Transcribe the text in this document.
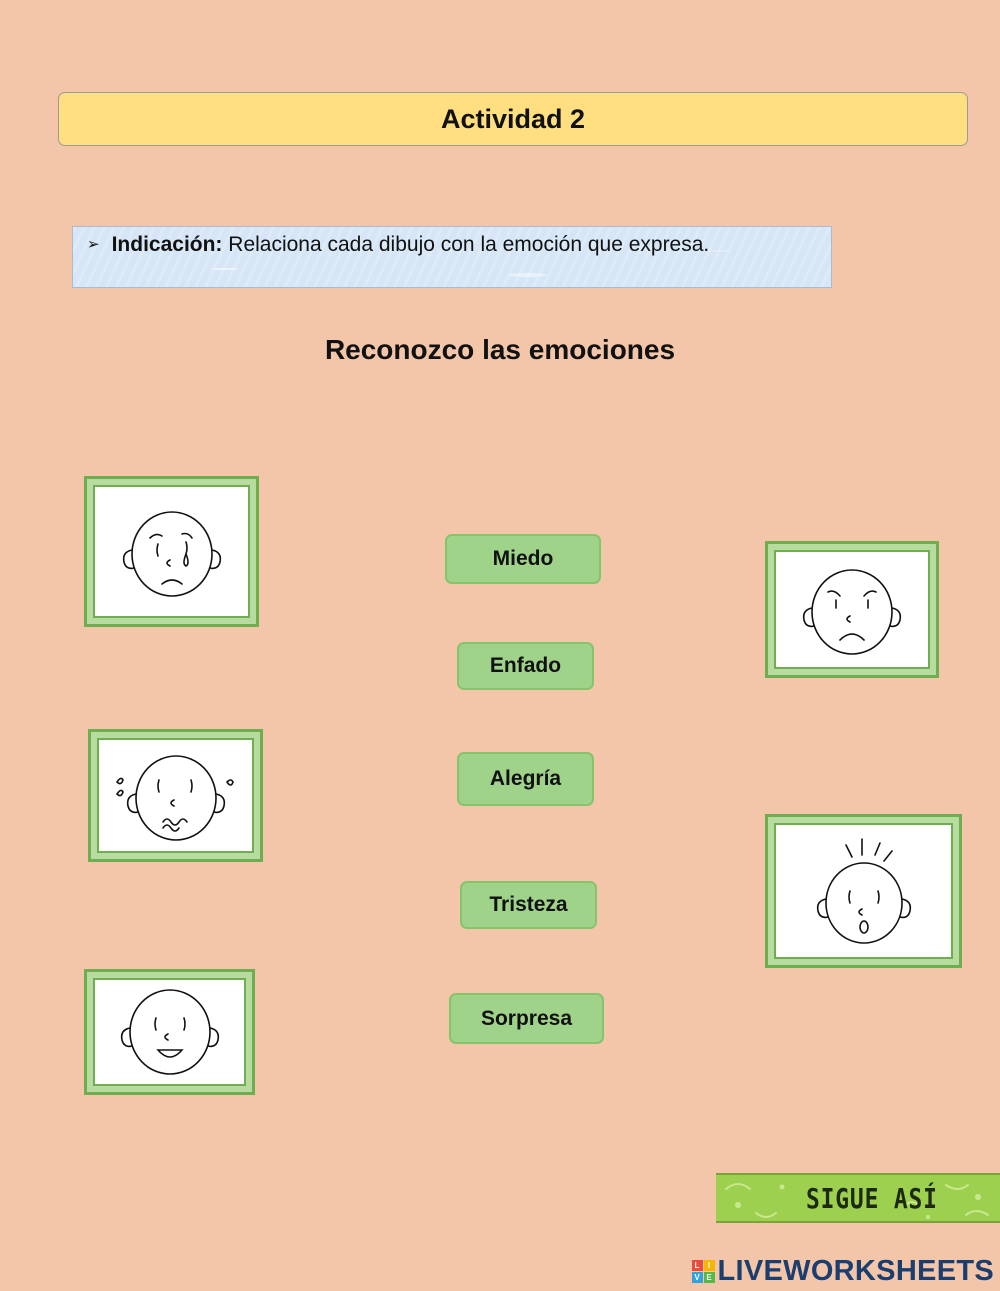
Actividad 2
➢ Indicación: Relaciona cada dibujo con la emoción que expresa.
Reconozco las emociones
Miedo
Enfado
Alegría
Tristeza
Sorpresa
SIGUE ASÍ
L	I
V E LIVEWORKSHEETS
